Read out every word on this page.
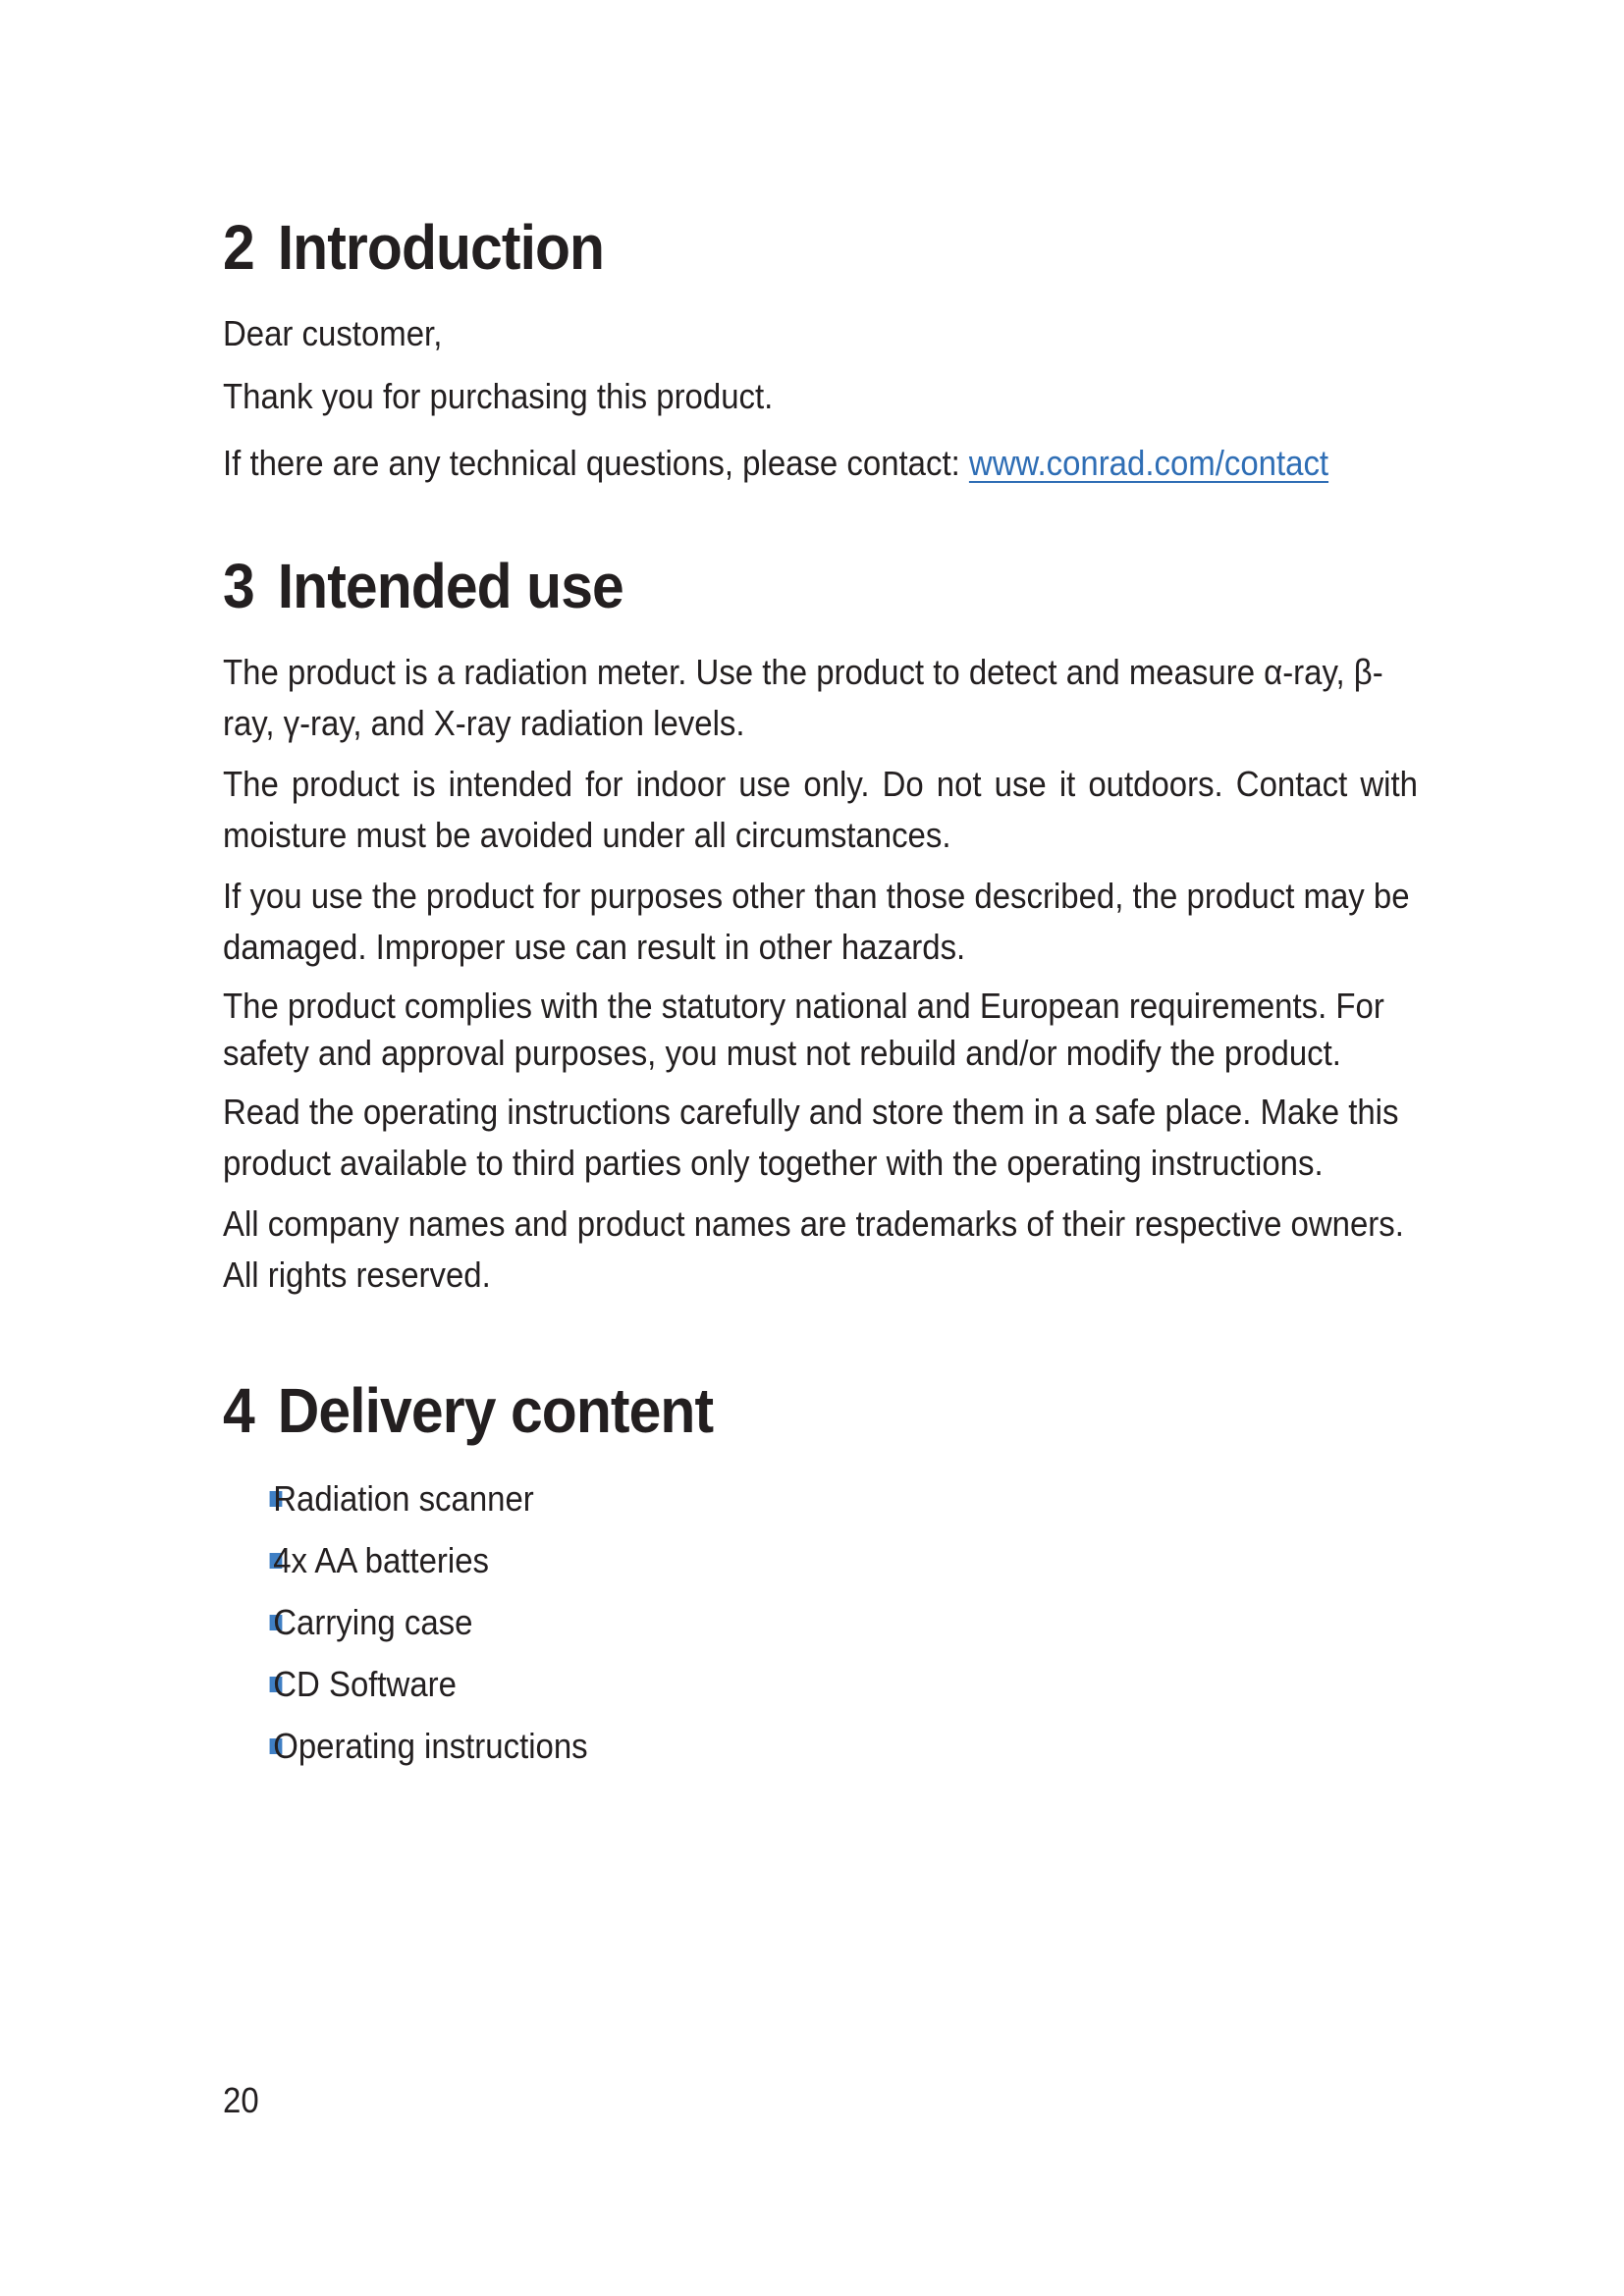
2 Introduction

Dear customer,

Thank you for purchasing this product.

If there are any technical questions, please contact: www.conrad.com/contact

3 Intended use

The product is a radiation meter. Use the product to detect and measure α-ray, β-ray, γ-ray, and X-ray radiation levels.

The product is intended for indoor use only. Do not use it outdoors. Contact with moisture must be avoided under all circumstances.

If you use the product for purposes other than those described, the product may be damaged. Improper use can result in other hazards.

The product complies with the statutory national and European requirements. For safety and approval purposes, you must not rebuild and/or modify the product.

Read the operating instructions carefully and store them in a safe place. Make this product available to third parties only together with the operating instructions.

All company names and product names are trademarks of their respective owners. All rights reserved.

4 Delivery content
Radiation scanner
4x AA batteries
Carrying case
CD Software
Operating instructions
20
